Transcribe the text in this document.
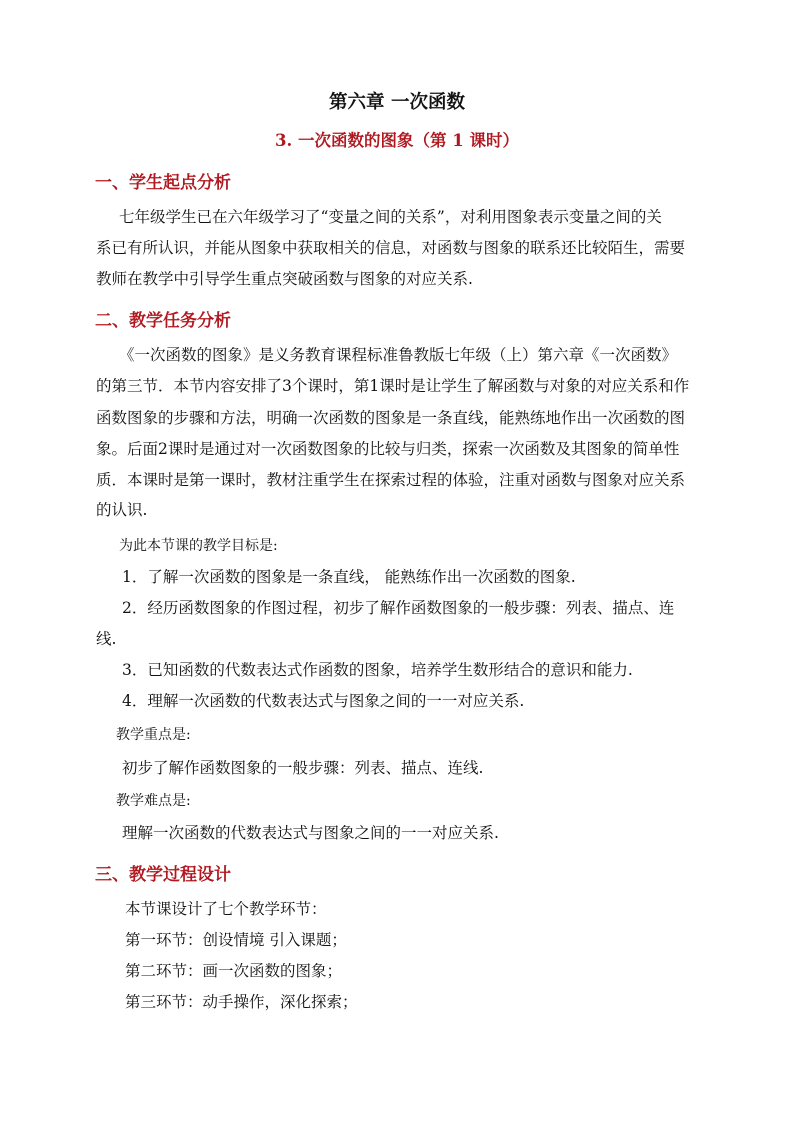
第六章 一次函数
3. 一次函数的图象（第 1 课时）
一、学生起点分析
七年级学生已在六年级学习了“变量之间的关系”，对利用图象表示变量之间的关
系已有所认识，并能从图象中获取相关的信息，对函数与图象的联系还比较陌生，需要
教师在教学中引导学生重点突破函数与图象的对应关系.
二、教学任务分析
《一次函数的图象》是义务教育课程标准鲁教版七年级（上）第六章《一次函数》
的第三节．本节内容安排了3个课时，第1课时是让学生了解函数与对象的对应关系和作
函数图象的步骤和方法，明确一次函数的图象是一条直线，能熟练地作出一次函数的图
象。后面2课时是通过对一次函数图象的比较与归类，探索一次函数及其图象的简单性
质．本课时是第一课时，教材注重学生在探索过程的体验，注重对函数与图象对应关系
的认识.
为此本节课的教学目标是:
1．了解一次函数的图象是一条直线， 能熟练作出一次函数的图象.
2．经历函数图象的作图过程，初步了解作函数图象的一般步骤：列表、描点、连
线.
3．已知函数的代数表达式作函数的图象，培养学生数形结合的意识和能力.
4．理解一次函数的代数表达式与图象之间的一一对应关系.
教学重点是:
初步了解作函数图象的一般步骤：列表、描点、连线.
教学难点是:
理解一次函数的代数表达式与图象之间的一一对应关系.
三、教学过程设计
本节课设计了七个教学环节：
第一环节：创设情境 引入课题；
第二环节：画一次函数的图象；
第三环节：动手操作，深化探索；
